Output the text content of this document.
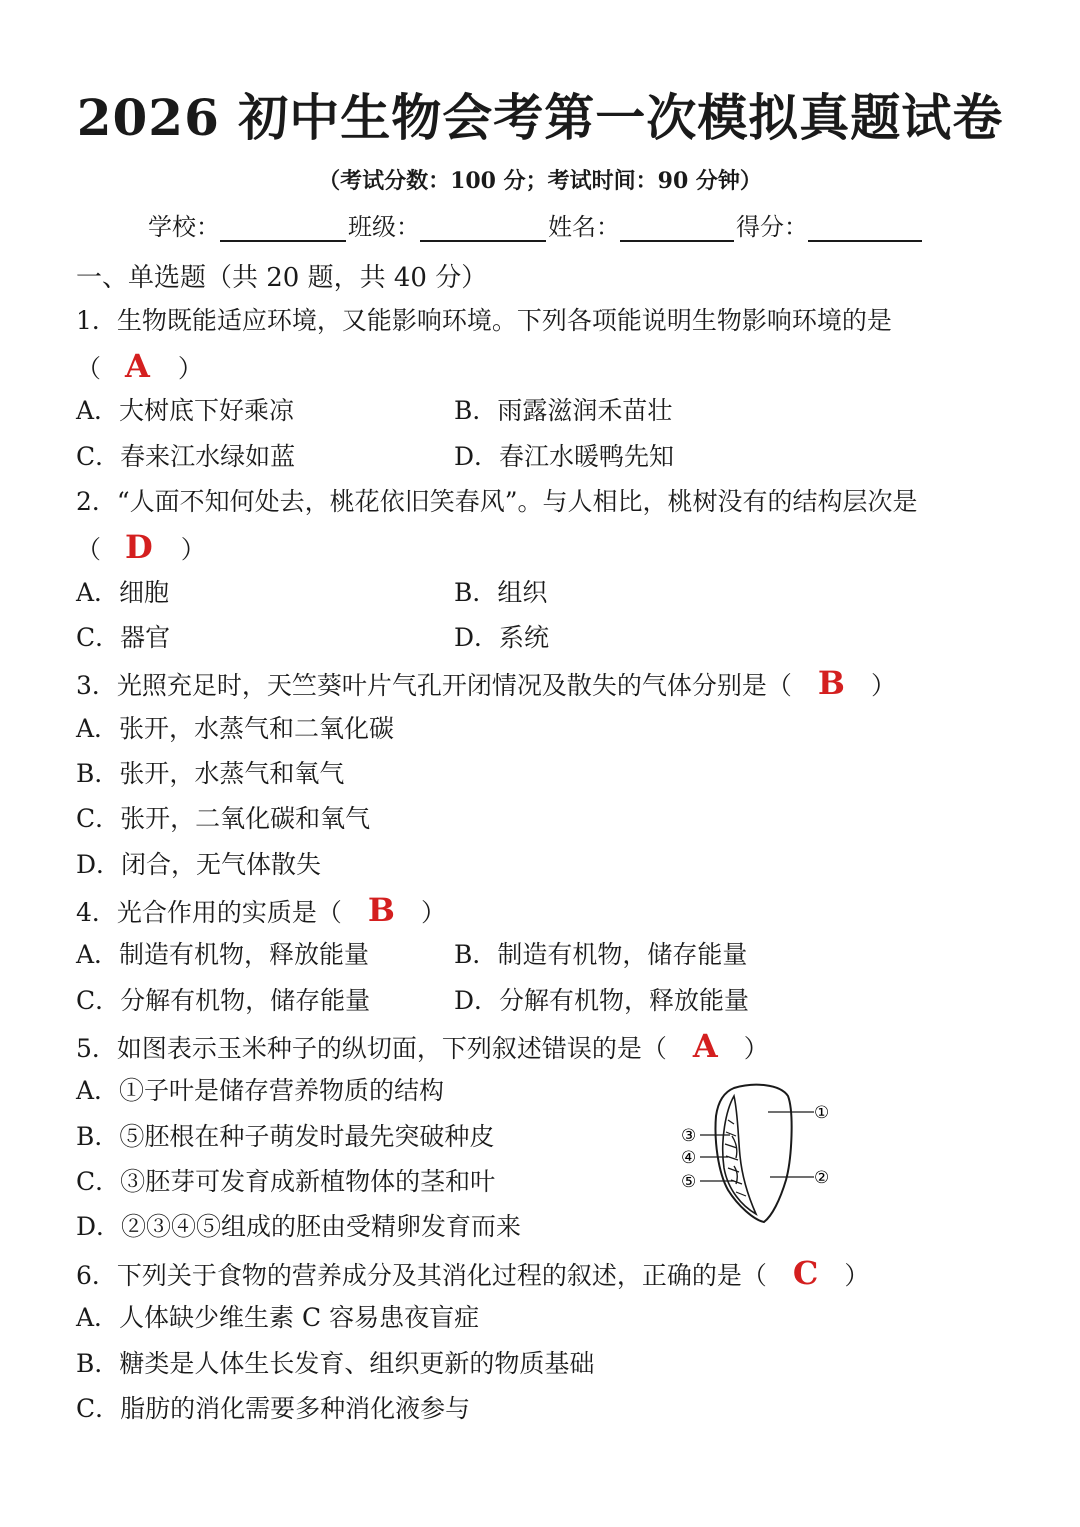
2026 初中生物会考第一次模拟真题试卷
（考试分数：100 分；考试时间：90 分钟）
学校：	班级：	姓名：	得分：
一、单选题（共 20 题，共 40 分）
1．生物既能适应环境，又能影响环境。下列各项能说明生物影响环境的是
（ A ）
A．大树底下好乘凉	B．雨露滋润禾苗壮
C．春来江水绿如蓝	D．春江水暖鸭先知
2．“人面不知何处去，桃花依旧笑春风”。与人相比，桃树没有的结构层次是
（ D ）
A．细胞	B．组织
C．器官	D．系统
3．光照充足时，天竺葵叶片气孔开闭情况及散失的气体分别是（ B ）
A．张开，水蒸气和二氧化碳
B．张开，水蒸气和氧气
C．张开，二氧化碳和氧气
D．闭合，无气体散失
4．光合作用的实质是（ B ）
A．制造有机物，释放能量	B．制造有机物，储存能量
C．分解有机物，储存能量	D．分解有机物，释放能量
5．如图表示玉米种子的纵切面，下列叙述错误的是（ A ）
A．①子叶是储存营养物质的结构
B．⑤胚根在种子萌发时最先突破种皮
C．③胚芽可发育成新植物体的茎和叶
D．②③④⑤组成的胚由受精卵发育而来
①
②
③
④
⑤
6．下列关于食物的营养成分及其消化过程的叙述，正确的是（ C ）
A．人体缺少维生素 C 容易患夜盲症
B．糖类是人体生长发育、组织更新的物质基础
C．脂肪的消化需要多种消化液参与
